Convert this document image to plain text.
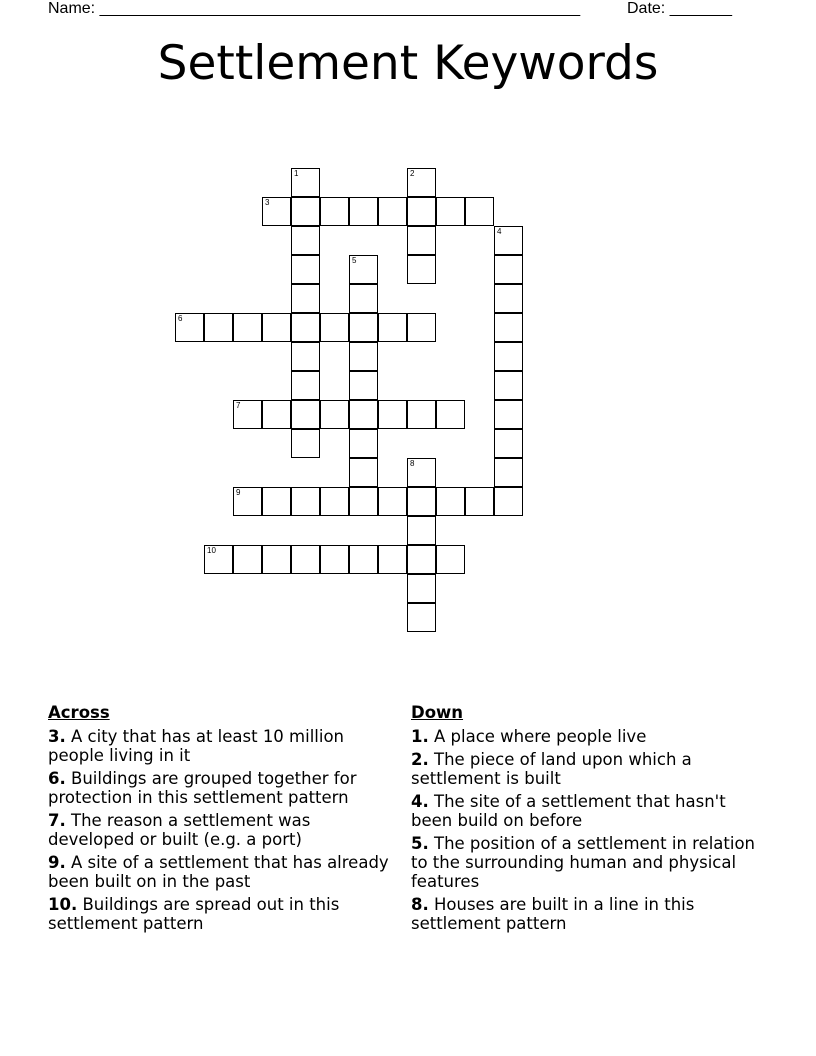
Name: ______________________________________________________	Date: _______
Settlement Keywords
1	2
3
4
5
6
7
8
9
10
Across
3. A city that has at least 10 million people living in it
6. Buildings are grouped together for protection in this settlement pattern
7. The reason a settlement was developed or built (e.g. a port)
9. A site of a settlement that has already been built on in the past
10. Buildings are spread out in this settlement pattern
Down
1. A place where people live
2. The piece of land upon which a settlement is built
4. The site of a settlement that hasn't been build on before
5. The position of a settlement in relation to the surrounding human and physical features
8. Houses are built in a line in this settlement pattern
